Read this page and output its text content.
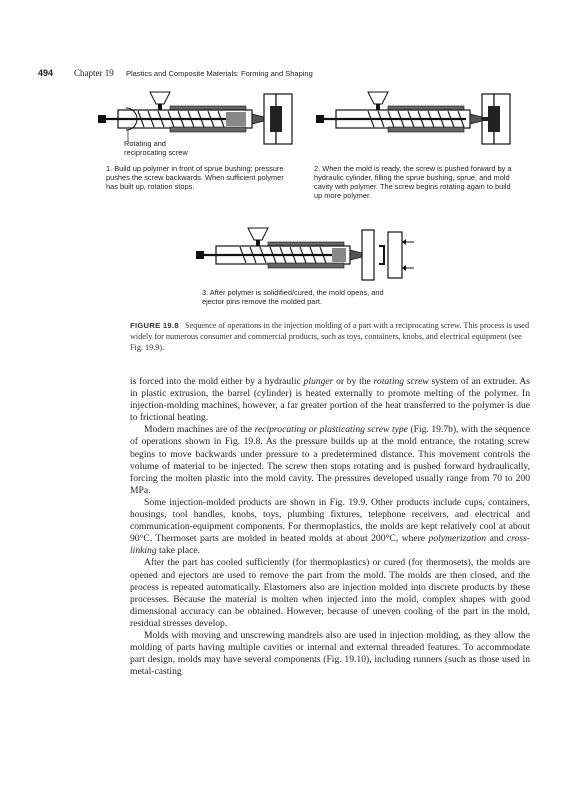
494 Chapter 19 Plastics and Composite Materials: Forming and Shaping
Rotating and reciprocating screw
1. Build up polymer in front of sprue bushing; pressure pushes the screw backwards. When sufficient polymer has built up, rotation stops.
2. When the mold is ready, the screw is pushed forward by a hydraulic cylinder, filling the sprue bushing, sprue, and mold cavity with polymer. The screw begins rotating again to build up more polymer.
3. After polymer is solidified/cured, the mold opens, and ejector pins remove the molded part.
FIGURE 19.8 Sequence of operations in the injection molding of a part with a reciprocating screw. This process is used widely for numerous consumer and commercial products, such as toys, containers, knobs, and electrical equipment (see Fig. 19.9).

is forced into the mold either by a hydraulic plunger or by the rotating screw system of an extruder. As in plastic extrusion, the barrel (cylinder) is heated externally to promote melting of the polymer. In injection-molding machines, however, a far greater portion of the heat transferred to the polymer is due to frictional heating.

Modern machines are of the reciprocating or plasticating screw type (Fig. 19.7b), with the sequence of operations shown in Fig. 19.8. As the pressure builds up at the mold entrance, the rotating screw begins to move backwards under pressure to a predetermined distance. This movement controls the volume of material to be injected. The screw then stops rotating and is pushed forward hydraulically, forcing the molten plastic into the mold cavity. The pressures developed usually range from 70 to 200 MPa.

Some injection-molded products are shown in Fig. 19.9. Other products include cups, containers, housings, tool handles, knobs, toys, plumbing fixtures, telephone receivers, and electrical and communication-equipment components. For thermoplastics, the molds are kept relatively cool at about 90°C. Thermoset parts are molded in heated molds at about 200°C, where polymerization and cross-linking take place.

After the part has cooled sufficiently (for thermoplastics) or cured (for thermosets), the molds are opened and ejectors are used to remove the part from the mold. The molds are then closed, and the process is repeated automatically. Elastomers also are injection molded into discrete products by these processes. Because the material is molten when injected into the mold, complex shapes with good dimensional accuracy can be obtained. However, because of uneven cooling of the part in the mold, residual stresses develop.

Molds with moving and unscrewing mandrels also are used in injection molding, as they allow the molding of parts having multiple cavities or internal and external threaded features. To accommodate part design, molds may have several components (Fig. 19.10), including runners (such as those used in metal-casting
